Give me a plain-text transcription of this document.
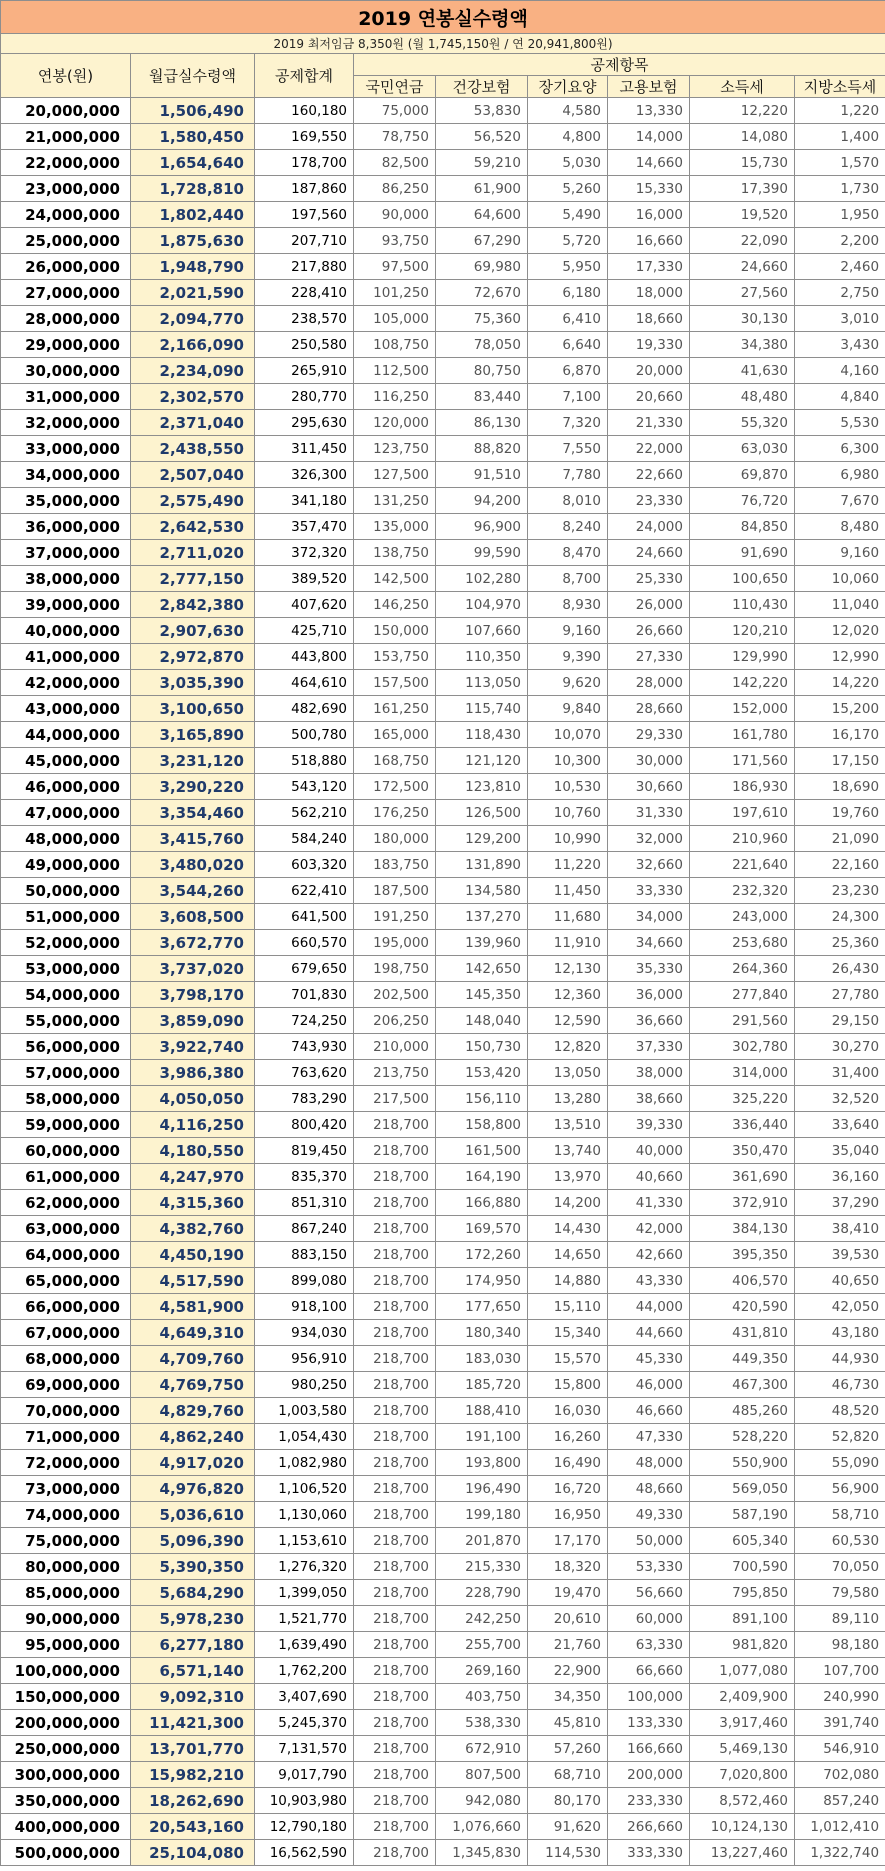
2019 연봉실수령액								
2019 최저임금 8,350원 (월 1,745,150원 / 연 20,941,800원)								
연봉(원)	월급실수령액	공제합계	공제항목					
			국민연금	건강보험	장기요양	고용보험	소득세	지방소득세
20,000,000	1,506,490	160,180	75,000	53,830	4,580	13,330	12,220	1,220
21,000,000	1,580,450	169,550	78,750	56,520	4,800	14,000	14,080	1,400
22,000,000	1,654,640	178,700	82,500	59,210	5,030	14,660	15,730	1,570
23,000,000	1,728,810	187,860	86,250	61,900	5,260	15,330	17,390	1,730
24,000,000	1,802,440	197,560	90,000	64,600	5,490	16,000	19,520	1,950
25,000,000	1,875,630	207,710	93,750	67,290	5,720	16,660	22,090	2,200
26,000,000	1,948,790	217,880	97,500	69,980	5,950	17,330	24,660	2,460
27,000,000	2,021,590	228,410	101,250	72,670	6,180	18,000	27,560	2,750
28,000,000	2,094,770	238,570	105,000	75,360	6,410	18,660	30,130	3,010
29,000,000	2,166,090	250,580	108,750	78,050	6,640	19,330	34,380	3,430
30,000,000	2,234,090	265,910	112,500	80,750	6,870	20,000	41,630	4,160
31,000,000	2,302,570	280,770	116,250	83,440	7,100	20,660	48,480	4,840
32,000,000	2,371,040	295,630	120,000	86,130	7,320	21,330	55,320	5,530
33,000,000	2,438,550	311,450	123,750	88,820	7,550	22,000	63,030	6,300
34,000,000	2,507,040	326,300	127,500	91,510	7,780	22,660	69,870	6,980
35,000,000	2,575,490	341,180	131,250	94,200	8,010	23,330	76,720	7,670
36,000,000	2,642,530	357,470	135,000	96,900	8,240	24,000	84,850	8,480
37,000,000	2,711,020	372,320	138,750	99,590	8,470	24,660	91,690	9,160
38,000,000	2,777,150	389,520	142,500	102,280	8,700	25,330	100,650	10,060
39,000,000	2,842,380	407,620	146,250	104,970	8,930	26,000	110,430	11,040
40,000,000	2,907,630	425,710	150,000	107,660	9,160	26,660	120,210	12,020
41,000,000	2,972,870	443,800	153,750	110,350	9,390	27,330	129,990	12,990
42,000,000	3,035,390	464,610	157,500	113,050	9,620	28,000	142,220	14,220
43,000,000	3,100,650	482,690	161,250	115,740	9,840	28,660	152,000	15,200
44,000,000	3,165,890	500,780	165,000	118,430	10,070	29,330	161,780	16,170
45,000,000	3,231,120	518,880	168,750	121,120	10,300	30,000	171,560	17,150
46,000,000	3,290,220	543,120	172,500	123,810	10,530	30,660	186,930	18,690
47,000,000	3,354,460	562,210	176,250	126,500	10,760	31,330	197,610	19,760
48,000,000	3,415,760	584,240	180,000	129,200	10,990	32,000	210,960	21,090
49,000,000	3,480,020	603,320	183,750	131,890	11,220	32,660	221,640	22,160
50,000,000	3,544,260	622,410	187,500	134,580	11,450	33,330	232,320	23,230
51,000,000	3,608,500	641,500	191,250	137,270	11,680	34,000	243,000	24,300
52,000,000	3,672,770	660,570	195,000	139,960	11,910	34,660	253,680	25,360
53,000,000	3,737,020	679,650	198,750	142,650	12,130	35,330	264,360	26,430
54,000,000	3,798,170	701,830	202,500	145,350	12,360	36,000	277,840	27,780
55,000,000	3,859,090	724,250	206,250	148,040	12,590	36,660	291,560	29,150
56,000,000	3,922,740	743,930	210,000	150,730	12,820	37,330	302,780	30,270
57,000,000	3,986,380	763,620	213,750	153,420	13,050	38,000	314,000	31,400
58,000,000	4,050,050	783,290	217,500	156,110	13,280	38,660	325,220	32,520
59,000,000	4,116,250	800,420	218,700	158,800	13,510	39,330	336,440	33,640
60,000,000	4,180,550	819,450	218,700	161,500	13,740	40,000	350,470	35,040
61,000,000	4,247,970	835,370	218,700	164,190	13,970	40,660	361,690	36,160
62,000,000	4,315,360	851,310	218,700	166,880	14,200	41,330	372,910	37,290
63,000,000	4,382,760	867,240	218,700	169,570	14,430	42,000	384,130	38,410
64,000,000	4,450,190	883,150	218,700	172,260	14,650	42,660	395,350	39,530
65,000,000	4,517,590	899,080	218,700	174,950	14,880	43,330	406,570	40,650
66,000,000	4,581,900	918,100	218,700	177,650	15,110	44,000	420,590	42,050
67,000,000	4,649,310	934,030	218,700	180,340	15,340	44,660	431,810	43,180
68,000,000	4,709,760	956,910	218,700	183,030	15,570	45,330	449,350	44,930
69,000,000	4,769,750	980,250	218,700	185,720	15,800	46,000	467,300	46,730
70,000,000	4,829,760	1,003,580	218,700	188,410	16,030	46,660	485,260	48,520
71,000,000	4,862,240	1,054,430	218,700	191,100	16,260	47,330	528,220	52,820
72,000,000	4,917,020	1,082,980	218,700	193,800	16,490	48,000	550,900	55,090
73,000,000	4,976,820	1,106,520	218,700	196,490	16,720	48,660	569,050	56,900
74,000,000	5,036,610	1,130,060	218,700	199,180	16,950	49,330	587,190	58,710
75,000,000	5,096,390	1,153,610	218,700	201,870	17,170	50,000	605,340	60,530
80,000,000	5,390,350	1,276,320	218,700	215,330	18,320	53,330	700,590	70,050
85,000,000	5,684,290	1,399,050	218,700	228,790	19,470	56,660	795,850	79,580
90,000,000	5,978,230	1,521,770	218,700	242,250	20,610	60,000	891,100	89,110
95,000,000	6,277,180	1,639,490	218,700	255,700	21,760	63,330	981,820	98,180
100,000,000	6,571,140	1,762,200	218,700	269,160	22,900	66,660	1,077,080	107,700
150,000,000	9,092,310	3,407,690	218,700	403,750	34,350	100,000	2,409,900	240,990
200,000,000	11,421,300	5,245,370	218,700	538,330	45,810	133,330	3,917,460	391,740
250,000,000	13,701,770	7,131,570	218,700	672,910	57,260	166,660	5,469,130	546,910
300,000,000	15,982,210	9,017,790	218,700	807,500	68,710	200,000	7,020,800	702,080
350,000,000	18,262,690	10,903,980	218,700	942,080	80,170	233,330	8,572,460	857,240
400,000,000	20,543,160	12,790,180	218,700	1,076,660	91,620	266,660	10,124,130	1,012,410
500,000,000	25,104,080	16,562,590	218,700	1,345,830	114,530	333,330	13,227,460	1,322,740
